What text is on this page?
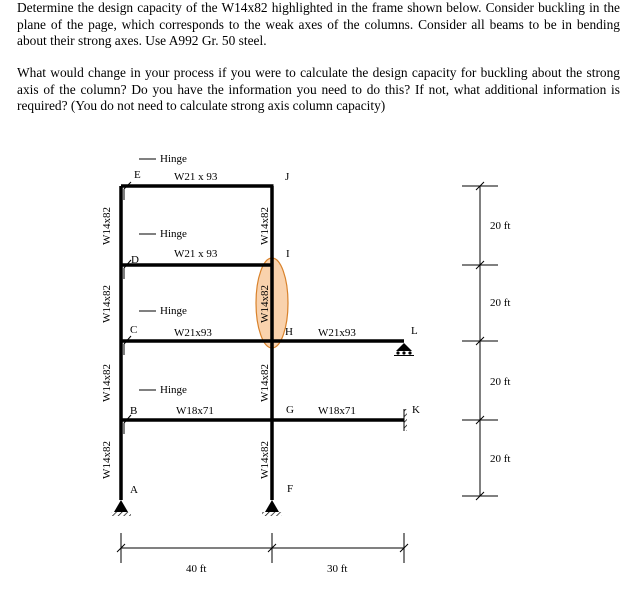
Determine the design capacity of the W14x82 highlighted in the frame shown below. Consider buckling in the plane of the page, which corresponds to the weak axes of the columns. Consider all beams to be in bending about their strong axes. Use A992 Gr. 50 steel.

What would change in your process if you were to calculate the design capacity for buckling about the strong axis of the column? Do you have the information you need to do this? If not, what additional information is required? (You do not need to calculate strong axis column capacity)

E
D
C
B
A
J
I
H
G
F
L
K
Hinge
Hinge
Hinge
Hinge
W21 x 93
W21 x 93
W21x93
W18x71
W21x93
W18x71
W14x82
W14x82
W14x82
W14x82
W14x82
W14x82
W14x82
W14x82
20 ft
20 ft
20 ft
20 ft
40 ft	30 ft
